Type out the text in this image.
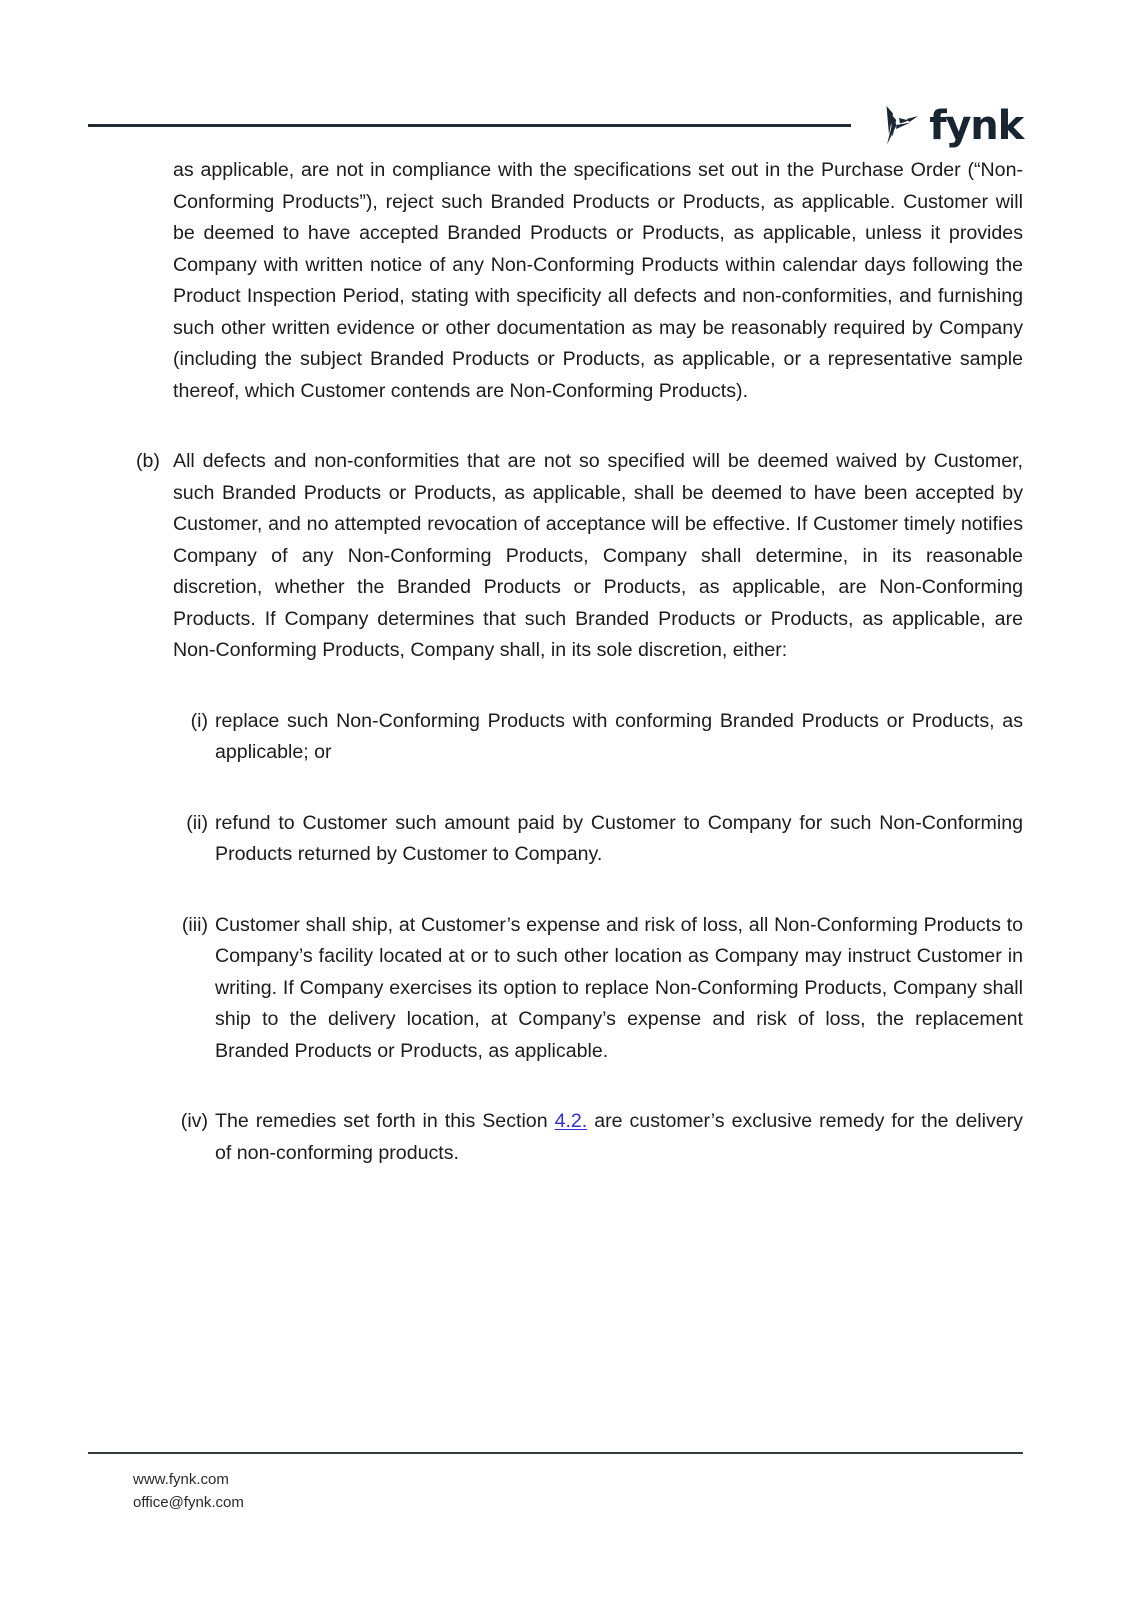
fynk

as applicable, are not in compliance with the specifications set out in the Purchase Order (“Non-Conforming Products”), reject such Branded Products or Products, as applicable. Customer will be deemed to have accepted Branded Products or Products, as applicable, unless it provides Company with written notice of any Non-Conforming Products within calendar days following the Product Inspection Period, stating with specificity all defects and non-conformities, and furnishing such other written evidence or other documentation as may be reasonably required by Company (including the subject Branded Products or Products, as applicable, or a representative sample thereof, which Customer contends are Non-Conforming Products).

(b) All defects and non-conformities that are not so specified will be deemed waived by Customer, such Branded Products or Products, as applicable, shall be deemed to have been accepted by Customer, and no attempted revocation of acceptance will be effective. If Customer timely notifies Company of any Non-Conforming Products, Company shall determine, in its reasonable discretion, whether the Branded Products or Products, as applicable, are Non-Conforming Products. If Company determines that such Branded Products or Products, as applicable, are Non-Conforming Products, Company shall, in its sole discretion, either:

(i) replace such Non-Conforming Products with conforming Branded Products or Products, as applicable; or

(ii) refund to Customer such amount paid by Customer to Company for such Non-Conforming Products returned by Customer to Company.

(iii) Customer shall ship, at Customer’s expense and risk of loss, all Non-Conforming Products to Company’s facility located at or to such other location as Company may instruct Customer in writing. If Company exercises its option to replace Non-Conforming Products, Company shall ship to the delivery location, at Company’s expense and risk of loss, the replacement Branded Products or Products, as applicable.

(iv) The remedies set forth in this Section 4.2. are customer’s exclusive remedy for the delivery of non-conforming products.

www.fynk.com
office@fynk.com
